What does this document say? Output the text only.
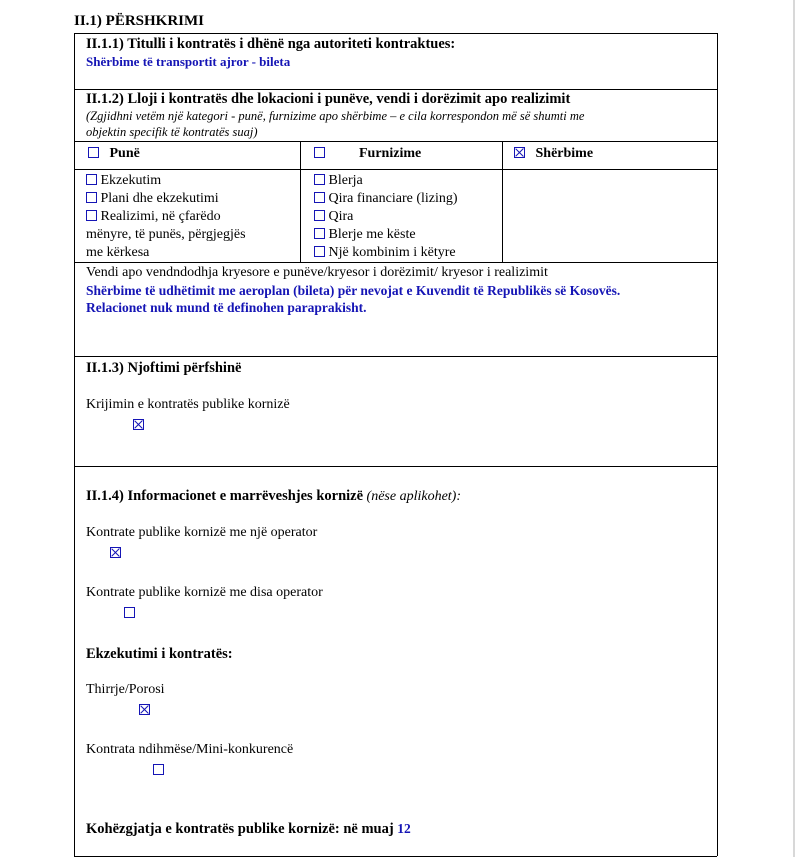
II.1) PËRSHKRIMI
II.1.1) Titulli i kontratës i dhënë nga autoriteti kontraktues:
Shërbime të transportit ajror - bileta
II.1.2) Lloji i kontratës dhe lokacioni i punëve, vendi i dorëzimit apo realizimit
(Zgjidhni vetëm një kategori - punë, furnizime apo shërbime – e cila korrespondon më së shumti me
objektin specifik të kontratës suaj)
Punë	Furnizime	Shërbime
Ekzekutim
Plani dhe ekzekutimi
Realizimi, në çfarëdo
mënyre, të punës, përgjegjës
me kërkesa
Blerja
Qira financiare (lizing)
Qira
Blerje me këste
Një kombinim i këtyre
Vendi apo vendndodhja kryesore e punëve/kryesor i dorëzimit/ kryesor i realizimit
Shërbime të udhëtimit me aeroplan (bileta) për nevojat e Kuvendit të Republikës së Kosovës.
Relacionet nuk mund të definohen paraprakisht.
II.1.3) Njoftimi përfshinë
Krijimin e kontratës publike kornizë

II.1.4) Informacionet e marrëveshjes kornizë (nëse aplikohet):
Kontrate publike kornizë me një operator

Kontrate publike kornizë me disa operator

Ekzekutimi i kontratës:
Thirrje/Porosi

Kontrata ndihmëse/Mini-konkurencë
Kohëzgjatja e kontratës publike kornizë: në muaj 12
